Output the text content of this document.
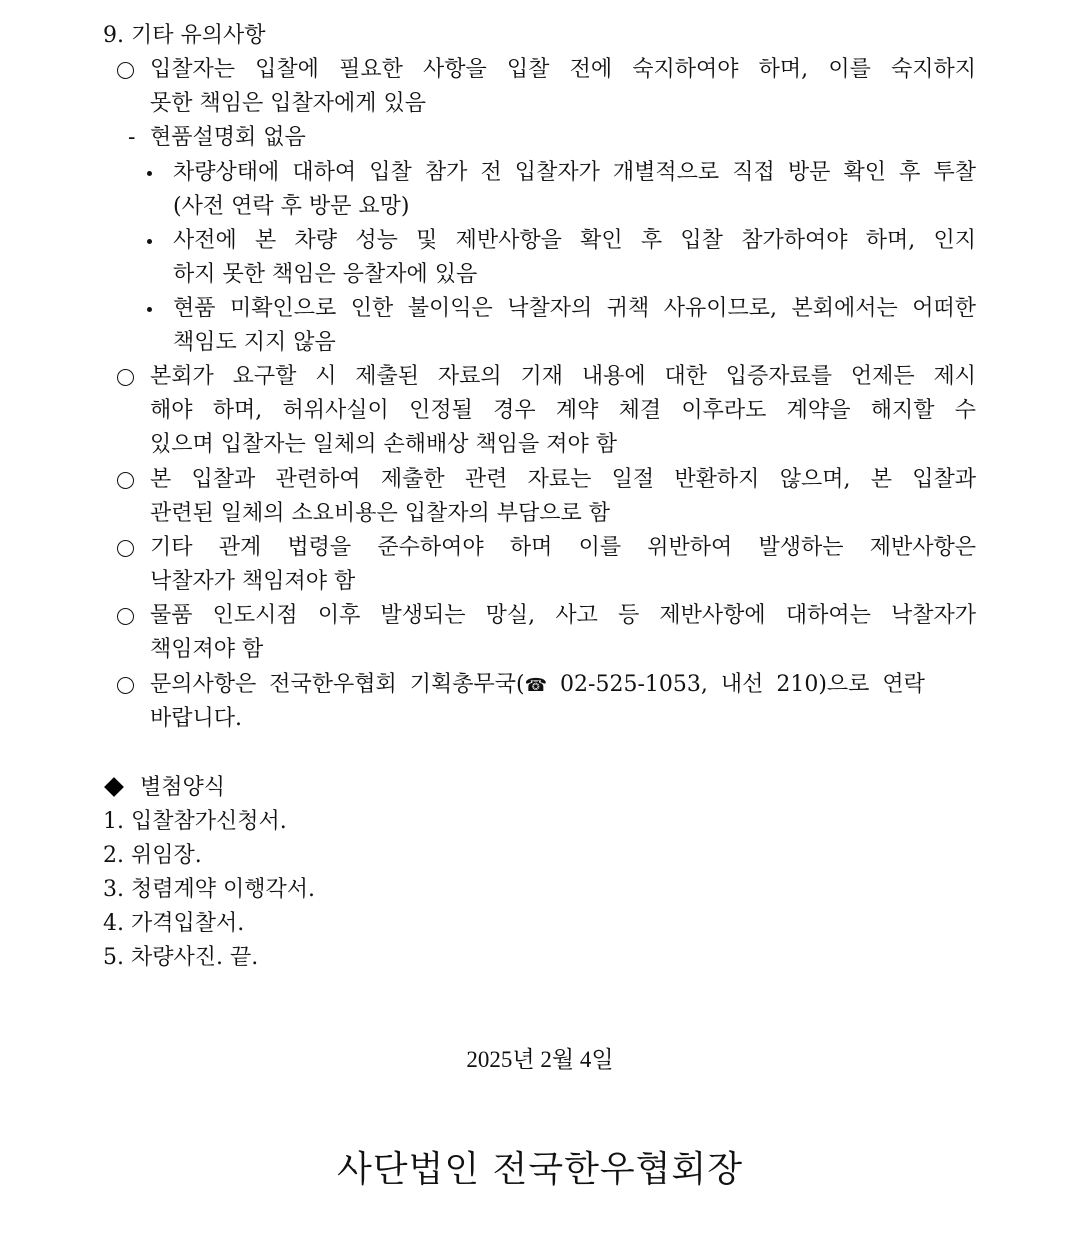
9. 기타 유의사항
입찰자는 입찰에 필요한 사항을 입찰 전에 숙지하여야 하며, 이를 숙지하지
못한 책임은 입찰자에게 있음
- 현품설명회 없음
차량상태에 대하여 입찰 참가 전 입찰자가 개별적으로 직접 방문 확인 후 투찰
(사전 연락 후 방문 요망)
사전에 본 차량 성능 및 제반사항을 확인 후 입찰 참가하여야 하며, 인지
하지 못한 책임은 응찰자에 있음
현품 미확인으로 인한 불이익은 낙찰자의 귀책 사유이므로, 본회에서는 어떠한
책임도 지지 않음
본회가 요구할 시 제출된 자료의 기재 내용에 대한 입증자료를 언제든 제시
해야 하며, 허위사실이 인정될 경우 계약 체결 이후라도 계약을 해지할 수
있으며 입찰자는 일체의 손해배상 책임을 져야 함
본 입찰과 관련하여 제출한 관련 자료는 일절 반환하지 않으며, 본 입찰과
관련된 일체의 소요비용은 입찰자의 부담으로 함
기타 관계 법령을 준수하여야 하며 이를 위반하여 발생하는 제반사항은
낙찰자가 책임져야 함
물품 인도시점 이후 발생되는 망실, 사고 등 제반사항에 대하여는 낙찰자가
책임져야 함
문의사항은 전국한우협회 기획총무국(☎ 02-525-1053, 내선 210)으로 연락
바랍니다.
별첨양식
1. 입찰참가신청서.
2. 위임장.
3. 청렴계약 이행각서.
4. 가격입찰서.
5. 차량사진. 끝.
2025년 2월 4일
사단법인 전국한우협회장
